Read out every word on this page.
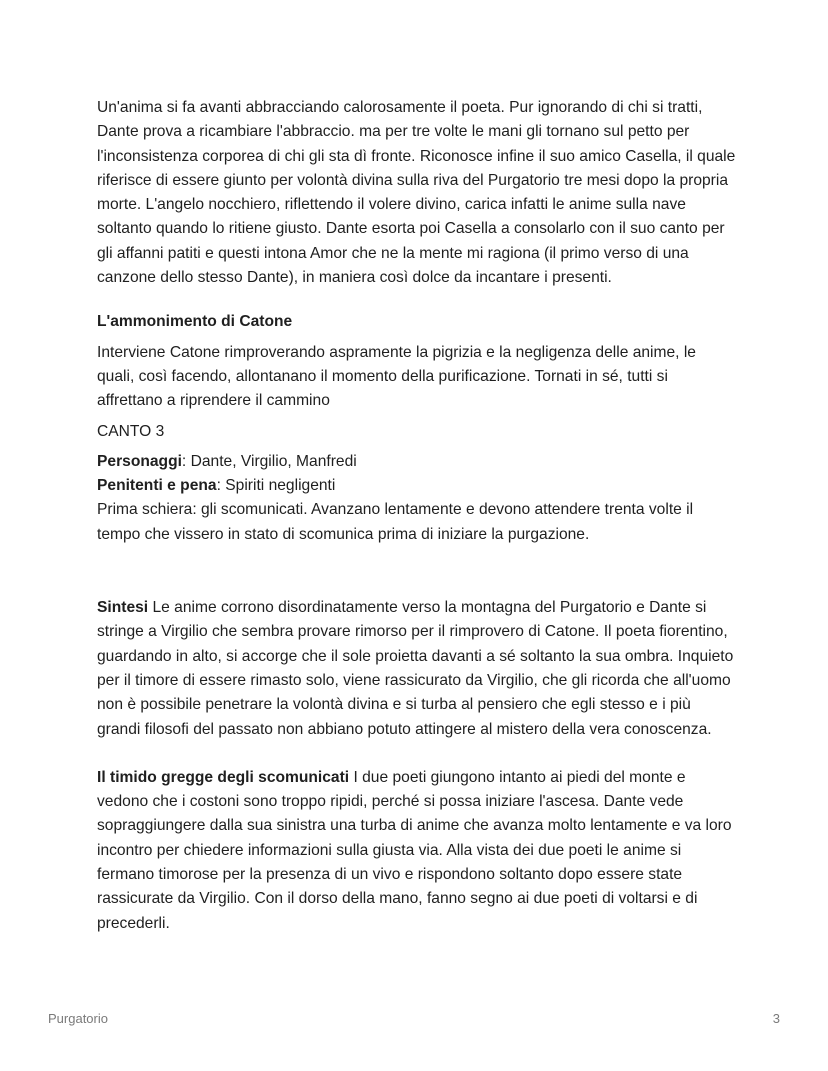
Un'anima si fa avanti abbracciando calorosamente il poeta. Pur ignorando di chi si tratti, Dante prova a ricambiare l'abbraccio. ma per tre volte le mani gli tornano sul petto per l'inconsistenza corporea di chi gli sta dì fronte. Riconosce infine il suo amico Casella, il quale riferisce di essere giunto per volontà divina sulla riva del Purgatorio tre mesi dopo la propria morte. L'angelo nocchiero, riflettendo il volere divino, carica infatti le anime sulla nave soltanto quando lo ritiene giusto. Dante esorta poi Casella a consolarlo con il suo canto per gli affanni patiti e questi intona Amor che ne la mente mi ragiona (il primo verso di una canzone dello stesso Dante), in maniera così dolce da incantare i presenti.

L'ammonimento di Catone

Interviene Catone rimproverando aspramente la pigrizia e la negligenza delle anime, le quali, così facendo, allontanano il momento della purificazione. Tornati in sé, tutti si affrettano a riprendere il cammino

CANTO 3

Personaggi: Dante, Virgilio, Manfredi

Penitenti e pena: Spiriti negligenti

Prima schiera: gli scomunicati. Avanzano lentamente e devono attendere trenta volte il tempo che vissero in stato di scomunica prima di iniziare la purgazione.

Sintesi Le anime corrono disordinatamente verso la montagna del Purgatorio e Dante si stringe a Virgilio che sembra provare rimorso per il rimprovero di Catone. Il poeta fiorentino, guardando in alto, si accorge che il sole proietta davanti a sé soltanto la sua ombra. Inquieto per il timore di essere rimasto solo, viene rassicurato da Virgilio, che gli ricorda che all'uomo non è possibile penetrare la volontà divina e si turba al pensiero che egli stesso e i più grandi filosofi del passato non abbiano potuto attingere al mistero della vera conoscenza.

Il timido gregge degli scomunicati I due poeti giungono intanto ai piedi del monte e vedono che i costoni sono troppo ripidi, perché si possa iniziare l'ascesa. Dante vede sopraggiungere dalla sua sinistra una turba di anime che avanza molto lentamente e va loro incontro per chiedere informazioni sulla giusta via. Alla vista dei due poeti le anime si fermano timorose per la presenza di un vivo e rispondono soltanto dopo essere state rassicurate da Virgilio. Con il dorso della mano, fanno segno ai due poeti di voltarsi e di precederli.

Purgatorio	3
